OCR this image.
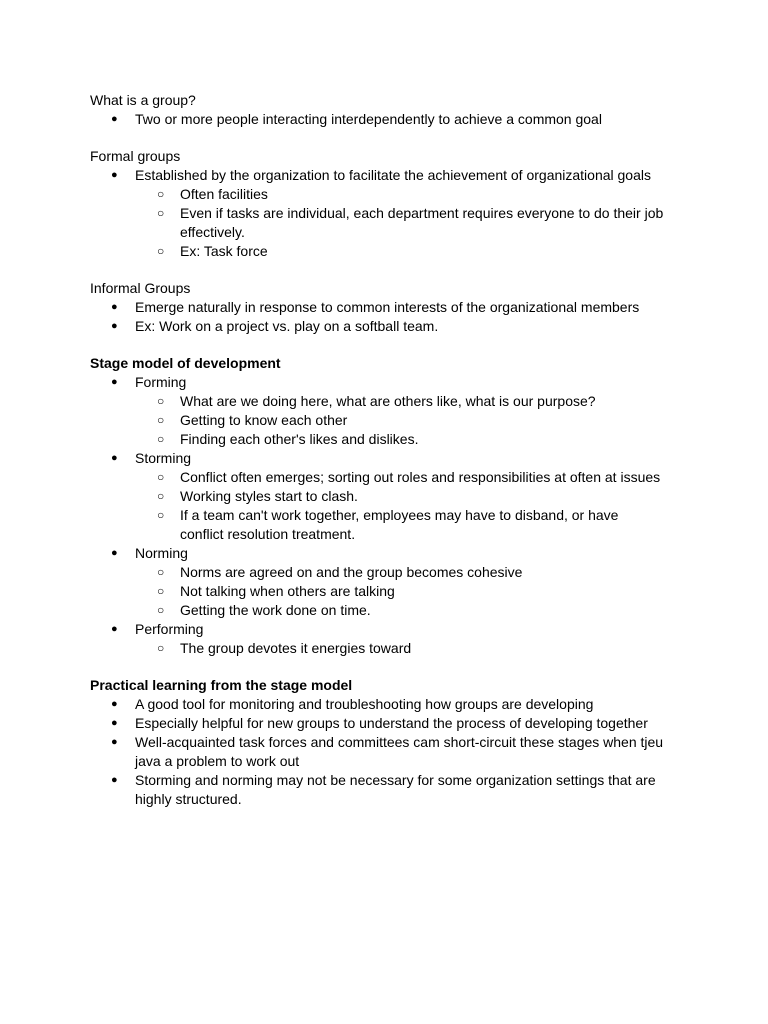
What is a group?

● Two or more people interacting interdependently to achieve a common goal

Formal groups

● Established by the organization to facilitate the achievement of organizational goals
○ Often facilities
○ Even if tasks are individual, each department requires everyone to do their job effectively.
○ Ex: Task force

Informal Groups

● Emerge naturally in response to common interests of the organizational members
● Ex: Work on a project vs. play on a softball team.

Stage model of development

● Forming
○ What are we doing here, what are others like, what is our purpose?
○ Getting to know each other
○ Finding each other's likes and dislikes.
● Storming
○ Conflict often emerges; sorting out roles and responsibilities at often at issues
○ Working styles start to clash.
○ If a team can't work together, employees may have to disband, or have conflict resolution treatment.
● Norming
○ Norms are agreed on and the group becomes cohesive
○ Not talking when others are talking
○ Getting the work done on time.
● Performing
○ The group devotes it energies toward

Practical learning from the stage model

● A good tool for monitoring and troubleshooting how groups are developing
● Especially helpful for new groups to understand the process of developing together
● Well-acquainted task forces and committees cam short-circuit these stages when tjeu java a problem to work out
● Storming and norming may not be necessary for some organization settings that are highly structured.
